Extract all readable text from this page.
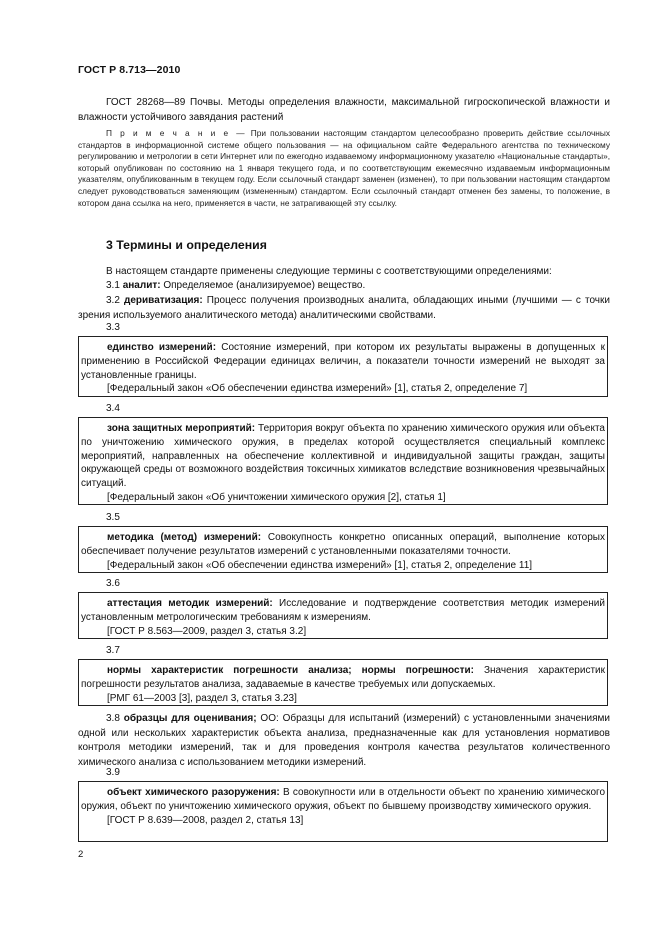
ГОСТ Р 8.713—2010
ГОСТ 28268—89 Почвы. Методы определения влажности, максимальной гигроскопической влажности и влажности устойчивого завядания растений
П р и м е ч а н и е — При пользовании настоящим стандартом целесообразно проверить действие ссылочных стандартов в информационной системе общего пользования — на официальном сайте Федерального агентства по техническому регулированию и метрологии в сети Интернет или по ежегодно издаваемому информационному указателю «Национальные стандарты», который опубликован по состоянию на 1 января текущего года, и по соответствующим ежемесячно издаваемым информационным указателям, опубликованным в текущем году. Если ссылочный стандарт заменен (изменен), то при пользовании настоящим стандартом следует руководствоваться заменяющим (измененным) стандартом. Если ссылочный стандарт отменен без замены, то положение, в котором дана ссылка на него, применяется в части, не затрагивающей эту ссылку.
3 Термины и определения
В настоящем стандарте применены следующие термины с соответствующими определениями:
3.1 аналит: Определяемое (анализируемое) вещество.
3.2 дериватизация: Процесс получения производных аналита, обладающих иными (лучшими — с точки зрения используемого аналитического метода) аналитическими свойствами.
3.3

единство измерений: Состояние измерений, при котором их результаты выражены в допущенных к применению в Российской Федерации единицах величин, а показатели точности измерений не выходят за установленные границы.

[Федеральный закон «Об обеспечении единства измерений» [1], статья 2, определение 7]

3.4

зона защитных мероприятий: Территория вокруг объекта по хранению химического оружия или объекта по уничтожению химического оружия, в пределах которой осуществляется специальный комплекс мероприятий, направленных на обеспечение коллективной и индивидуальной защиты граждан, защиты окружающей среды от возможного воздействия токсичных химикатов вследствие возникновения чрезвычайных ситуаций.

[Федеральный закон «Об уничтожении химического оружия [2], статья 1]

3.5

методика (метод) измерений: Совокупность конкретно описанных операций, выполнение которых обеспечивает получение результатов измерений с установленными показателями точности.

[Федеральный закон «Об обеспечении единства измерений» [1], статья 2, определение 11]

3.6

аттестация методик измерений: Исследование и подтверждение соответствия методик измерений установленным метрологическим требованиям к измерениям.

[ГОСТ Р 8.563—2009, раздел 3, статья 3.2]

3.7

нормы характеристик погрешности анализа; нормы погрешности: Значения характеристик погрешности результатов анализа, задаваемые в качестве требуемых или допускаемых.

[РМГ 61—2003 [3], раздел 3, статья 3.23]

3.8 образцы для оценивания; ОО: Образцы для испытаний (измерений) с установленными значениями одной или нескольких характеристик объекта анализа, предназначенные как для установления нормативов контроля методики измерений, так и для проведения контроля качества результатов количественного химического анализа с использованием методики измерений.
3.9

объект химического разоружения: В совокупности или в отдельности объект по хранению химического оружия, объект по уничтожению химического оружия, объект по бывшему производству химического оружия.

[ГОСТ Р 8.639—2008, раздел 2, статья 13]

2
